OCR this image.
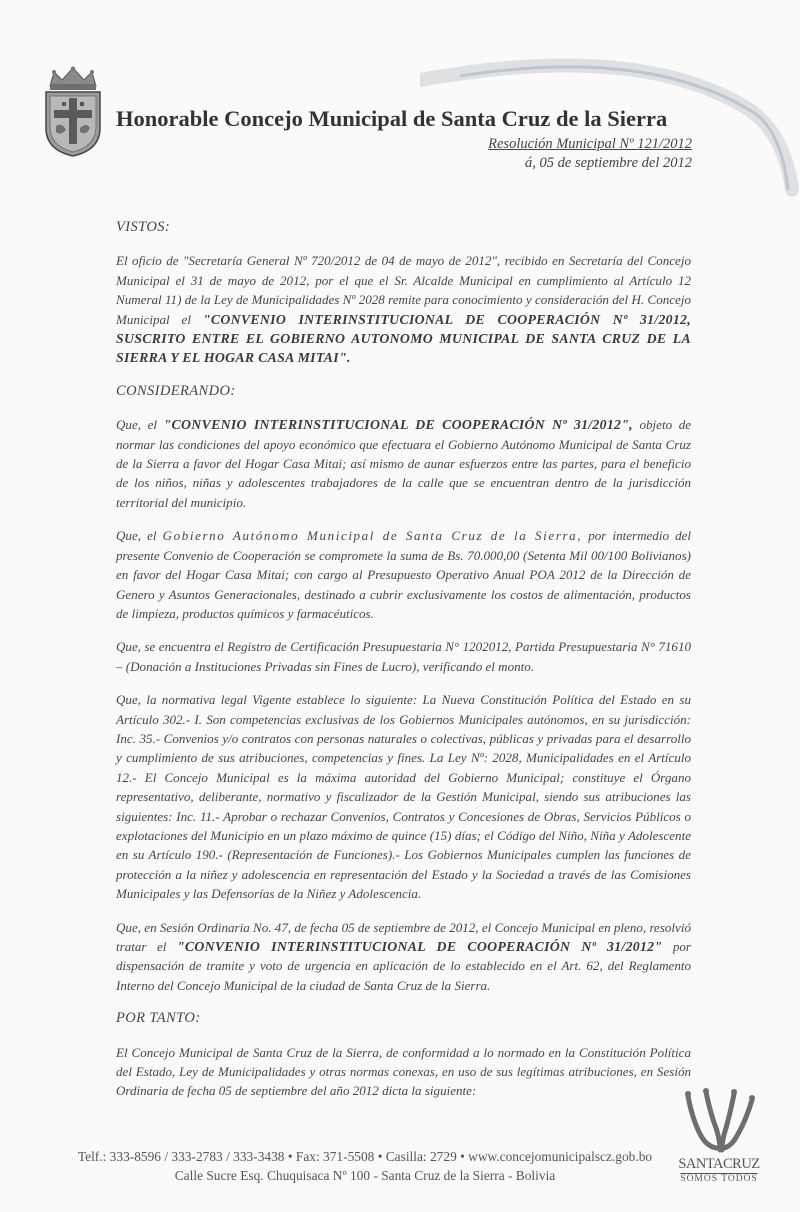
Honorable Concejo Municipal de Santa Cruz de la Sierra
Resolución Municipal Nº 121/2012
á, 05 de septiembre del 2012
VISTOS:

El oficio de "Secretaría General Nº 720/2012 de 04 de mayo de 2012", recibido en Secretaría del Concejo Municipal el 31 de mayo de 2012, por el que el Sr. Alcalde Municipal en cumplimiento al Artículo 12 Numeral 11) de la Ley de Municipalidades Nº 2028 remite para conocimiento y consideración del H. Concejo Municipal el "CONVENIO INTERINSTITUCIONAL DE COOPERACIÓN Nº 31/2012, SUSCRITO ENTRE EL GOBIERNO AUTONOMO MUNICIPAL DE SANTA CRUZ DE LA SIERRA Y EL HOGAR CASA MITAI".

CONSIDERANDO:

Que, el "CONVENIO INTERINSTITUCIONAL DE COOPERACIÓN Nº 31/2012", objeto de normar las condiciones del apoyo económico que efectuara el Gobierno Autónomo Municipal de Santa Cruz de la Sierra a favor del Hogar Casa Mitai; así mismo de aunar esfuerzos entre las partes, para el beneficio de los niños, niñas y adolescentes trabajadores de la calle que se encuentran dentro de la jurisdicción territorial del municipio.

Que, el Gobierno Autónomo Municipal de Santa Cruz de la Sierra, por intermedio del presente Convenio de Cooperación se compromete la suma de Bs. 70.000,00 (Setenta Mil 00/100 Bolivianos) en favor del Hogar Casa Mitai; con cargo al Presupuesto Operativo Anual POA 2012 de la Dirección de Genero y Asuntos Generacionales, destinado a cubrir exclusivamente los costos de alimentación, productos de limpieza, productos químicos y farmacéuticos.

Que, se encuentra el Registro de Certificación Presupuestaria N° 1202012, Partida Presupuestaria N° 71610 – (Donación a Instituciones Privadas sin Fines de Lucro), verificando el monto.

Que, la normativa legal Vigente establece lo siguiente: La Nueva Constitución Política del Estado en su Artículo 302.- I. Son competencias exclusivas de los Gobiernos Municipales autónomos, en su jurisdicción: Inc. 35.- Convenios y/o contratos con personas naturales o colectivas, públicas y privadas para el desarrollo y cumplimiento de sus atribuciones, competencias y fines. La Ley Nº: 2028, Municipalidades en el Artículo 12.- El Concejo Municipal es la máxima autoridad del Gobierno Municipal; constituye el Órgano representativo, deliberante, normativo y fiscalizador de la Gestión Municipal, siendo sus atribuciones las siguientes: Inc. 11.- Aprobar o rechazar Convenios, Contratos y Concesiones de Obras, Servicios Públicos o explotaciones del Municipio en un plazo máximo de quince (15) días; el Código del Niño, Niña y Adolescente en su Artículo 190.- (Representación de Funciones).- Los Gobiernos Municipales cumplen las funciones de protección a la niñez y adolescencia en representación del Estado y la Sociedad a través de las Comisiones Municipales y las Defensorías de la Niñez y Adolescencia.

Que, en Sesión Ordinaria No. 47, de fecha 05 de septiembre de 2012, el Concejo Municipal en pleno, resolvió tratar el "CONVENIO INTERINSTITUCIONAL DE COOPERACIÓN Nº 31/2012" por dispensación de tramite y voto de urgencia en aplicación de lo establecido en el Art. 62, del Reglamento Interno del Concejo Municipal de la ciudad de Santa Cruz de la Sierra.

POR TANTO:

El Concejo Municipal de Santa Cruz de la Sierra, de conformidad a lo normado en la Constitución Política del Estado, Ley de Municipalidades y otras normas conexas, en uso de sus legítimas atribuciones, en Sesión Ordinaria de fecha 05 de septiembre del año 2012 dicta la siguiente:

Telf.: 333-8596 / 333-2783 / 333-3438 • Fax: 371-5508 • Casilla: 2729 • www.concejomunicipalscz.gob.bo
Calle Sucre Esq. Chuquisaca Nº 100 - Santa Cruz de la Sierra - Bolivia
SANTACRUZ
SOMOS TODOS
